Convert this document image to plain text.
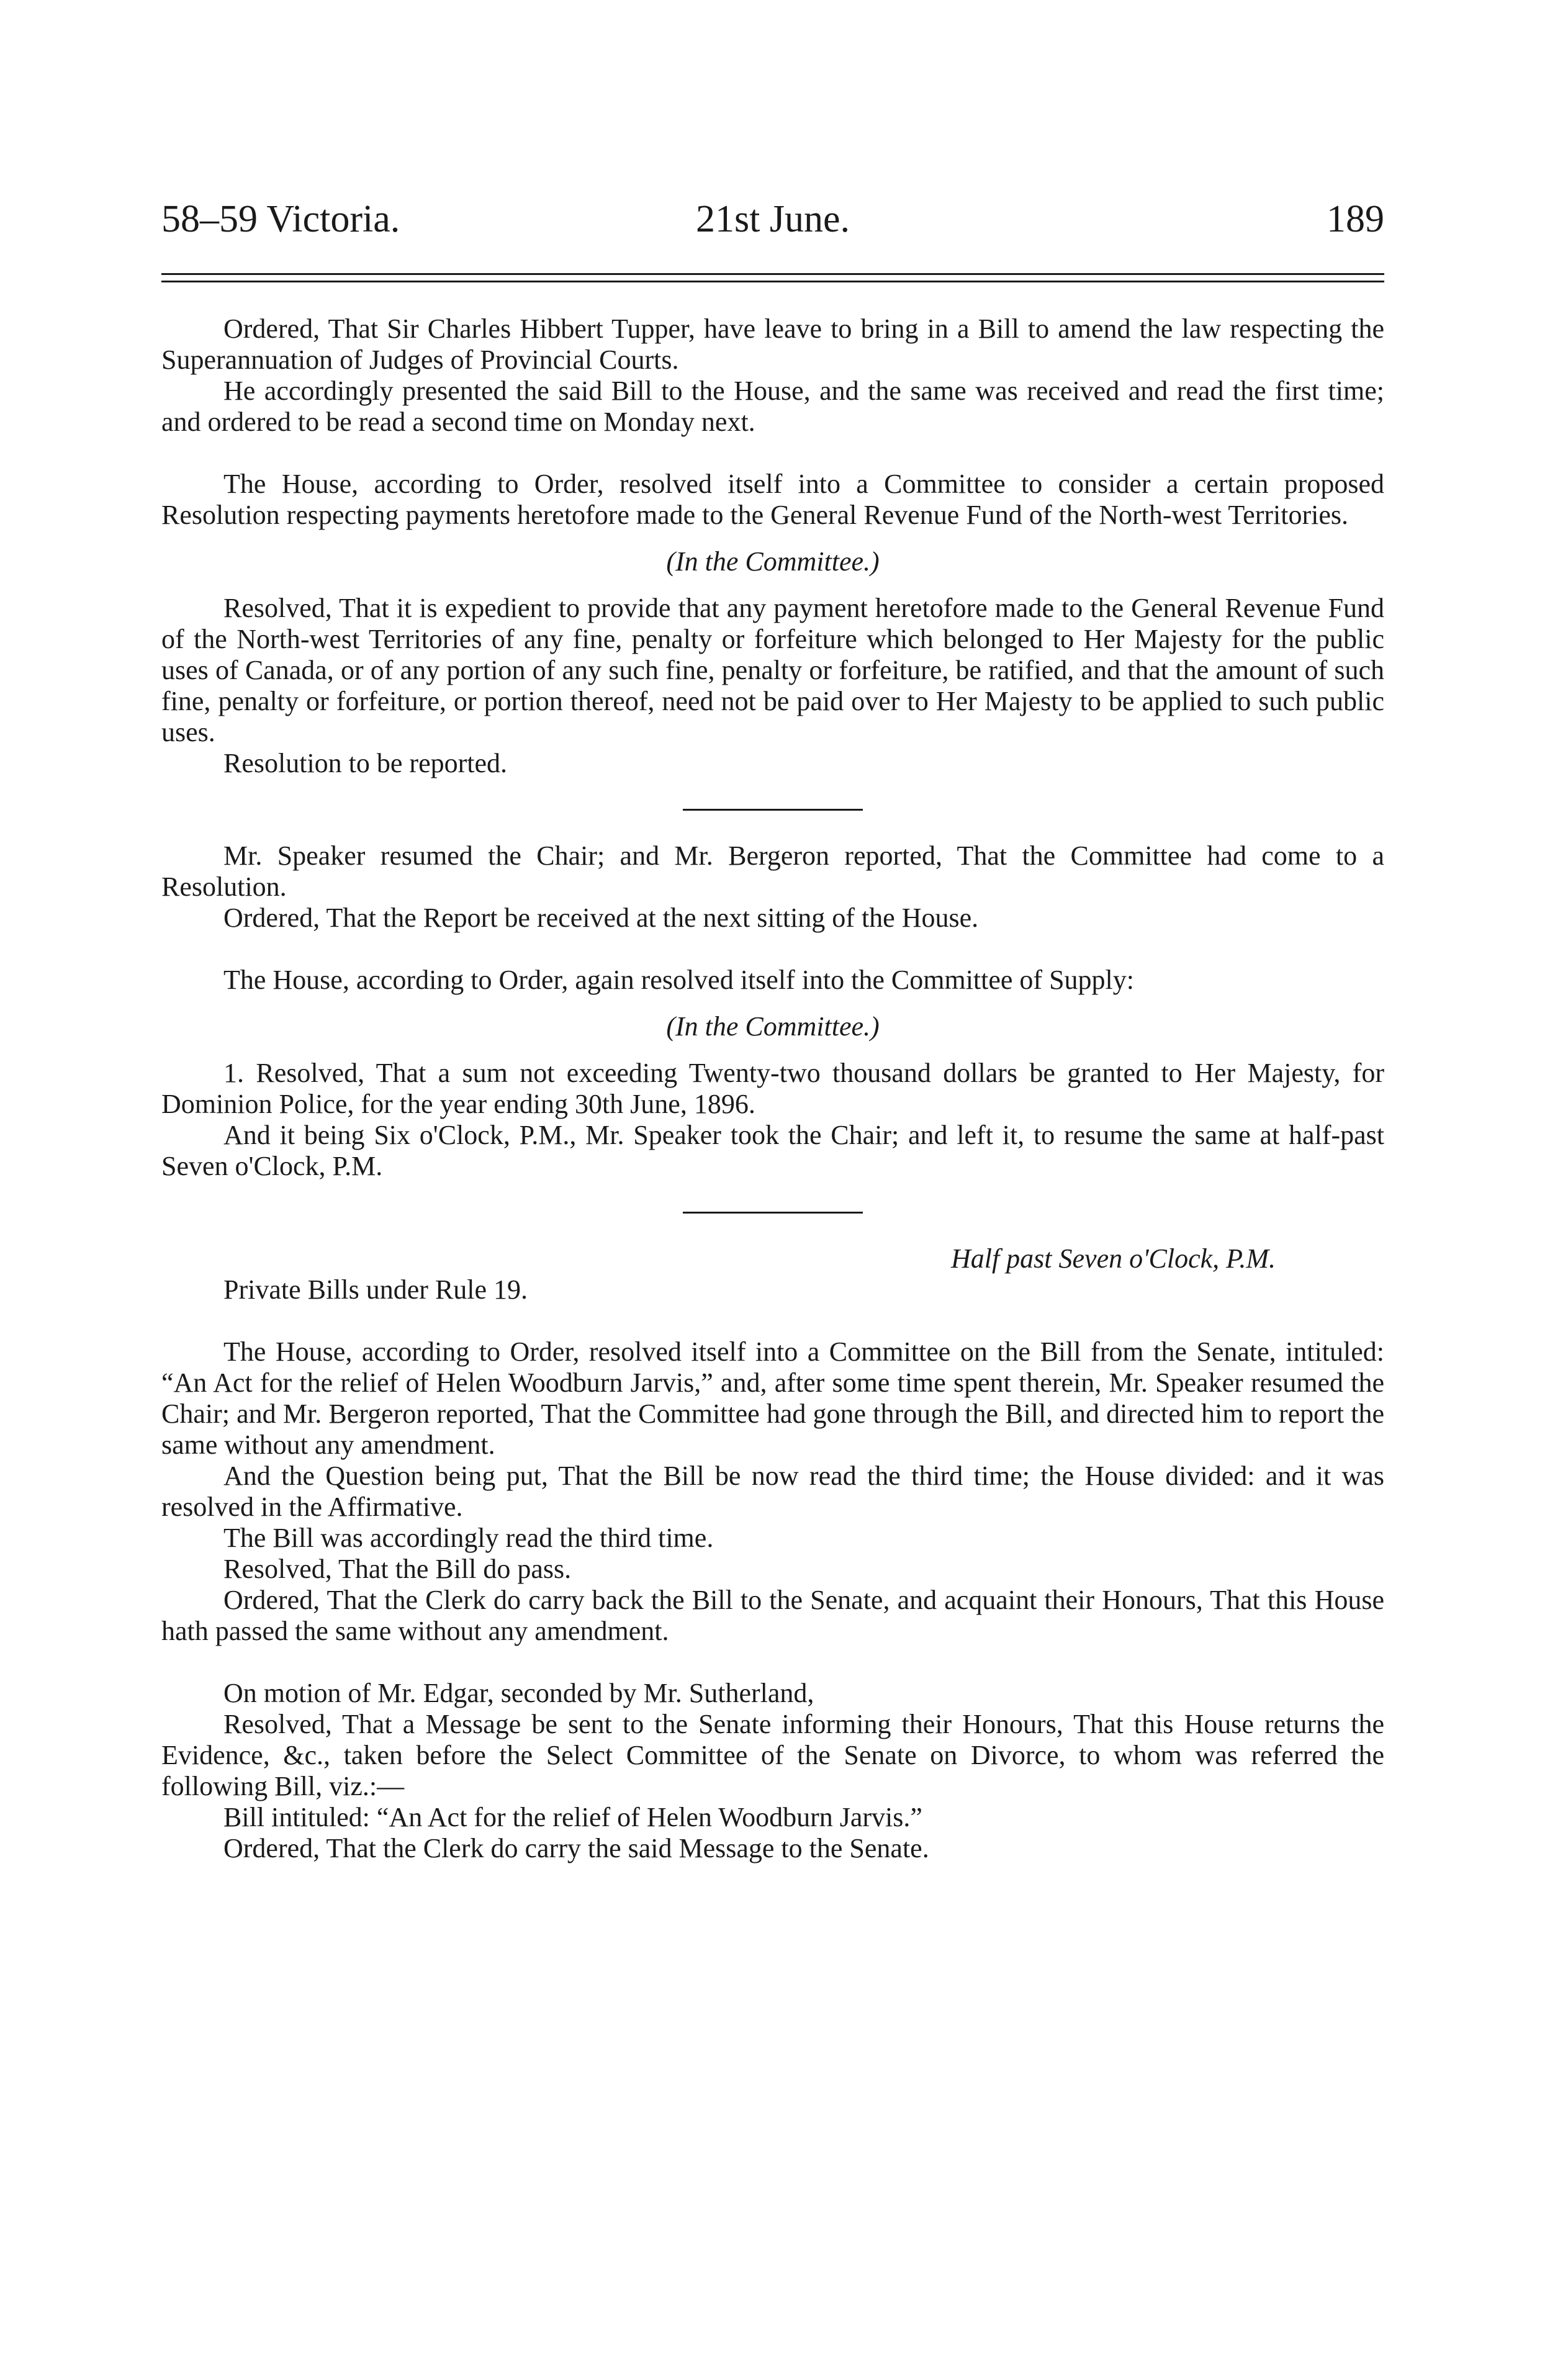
58–59 Victoria.	21st June.	189

Ordered, That Sir Charles Hibbert Tupper, have leave to bring in a Bill to amend the law respecting the Superannuation of Judges of Provincial Courts.

He accordingly presented the said Bill to the House, and the same was received and read the first time; and ordered to be read a second time on Monday next.

The House, according to Order, resolved itself into a Committee to consider a certain proposed Resolution respecting payments heretofore made to the General Revenue Fund of the North-west Territories.

(In the Committee.)

Resolved, That it is expedient to provide that any payment heretofore made to the General Revenue Fund of the North-west Territories of any fine, penalty or forfeiture which belonged to Her Majesty for the public uses of Canada, or of any portion of any such fine, penalty or forfeiture, be ratified, and that the amount of such fine, penalty or forfeiture, or portion thereof, need not be paid over to Her Majesty to be applied to such public uses.

Resolution to be reported.

Mr. Speaker resumed the Chair; and Mr. Bergeron reported, That the Committee had come to a Resolution.

Ordered, That the Report be received at the next sitting of the House.

The House, according to Order, again resolved itself into the Committee of Supply:

(In the Committee.)

1. Resolved, That a sum not exceeding Twenty-two thousand dollars be granted to Her Majesty, for Dominion Police, for the year ending 30th June, 1896.

And it being Six o'Clock, P.M., Mr. Speaker took the Chair; and left it, to resume the same at half-past Seven o'Clock, P.M.

Half past Seven o'Clock, P.M.
Private Bills under Rule 19.

The House, according to Order, resolved itself into a Committee on the Bill from the Senate, intituled: “An Act for the relief of Helen Woodburn Jarvis,” and, after some time spent therein, Mr. Speaker resumed the Chair; and Mr. Bergeron reported, That the Committee had gone through the Bill, and directed him to report the same without any amendment.

And the Question being put, That the Bill be now read the third time; the House divided: and it was resolved in the Affirmative.

The Bill was accordingly read the third time.

Resolved, That the Bill do pass.

Ordered, That the Clerk do carry back the Bill to the Senate, and acquaint their Honours, That this House hath passed the same without any amendment.

On motion of Mr. Edgar, seconded by Mr. Sutherland,

Resolved, That a Message be sent to the Senate informing their Honours, That this House returns the Evidence, &c., taken before the Select Committee of the Senate on Divorce, to whom was referred the following Bill, viz.:—

Bill intituled: “An Act for the relief of Helen Woodburn Jarvis.”

Ordered, That the Clerk do carry the said Message to the Senate.
